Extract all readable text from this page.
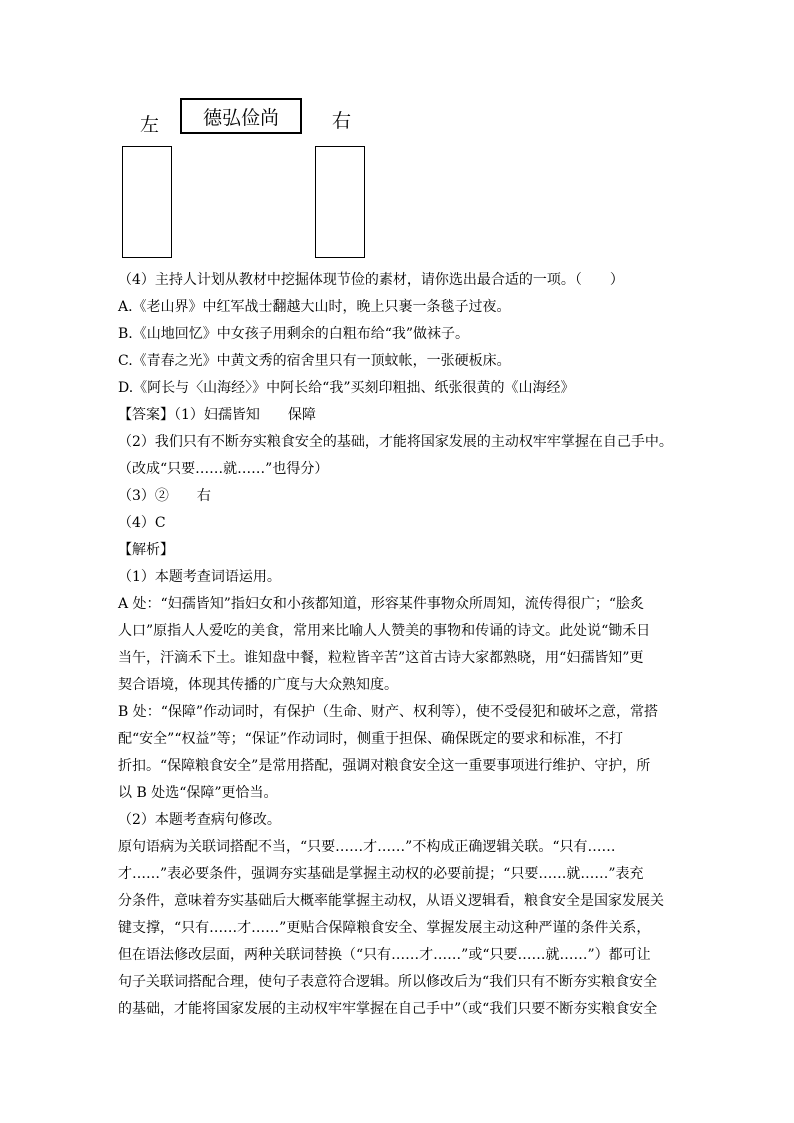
左 德弘俭尚	右
（4）主持人计划从教材中挖掘体现节俭的素材，请你选出最合适的一项。（　　）
A.《老山界》中红军战士翻越大山时，晚上只裹一条毯子过夜。
B.《山地回忆》中女孩子用剩余的白粗布给“我”做袜子。
C.《青春之光》中黄文秀的宿舍里只有一顶蚊帐，一张硬板床。
D.《阿长与〈山海经〉》中阿长给“我”买刻印粗拙、纸张很黄的《山海经》
【答案】（1）妇孺皆知　　保障
（2）我们只有不断夯实粮食安全的基础，才能将国家发展的主动权牢牢掌握在自己手中。
（改成“只要……就……”也得分）
（3）②　　右
（4）C
【解析】
（1）本题考查词语运用。
A 处：“妇孺皆知”指妇女和小孩都知道，形容某件事物众所周知，流传得很广；“脍炙
人口”原指人人爱吃的美食，常用来比喻人人赞美的事物和传诵的诗文。此处说“锄禾日
当午，汗滴禾下土。谁知盘中餐，粒粒皆辛苦”这首古诗大家都熟晓，用“妇孺皆知”更
契合语境，体现其传播的广度与大众熟知度。
B 处：“保障”作动词时，有保护（生命、财产、权利等），使不受侵犯和破坏之意，常搭
配“安全”“权益”等；“保证”作动词时，侧重于担保、确保既定的要求和标准，不打
折扣。“保障粮食安全”是常用搭配，强调对粮食安全这一重要事项进行维护、守护，所
以 B 处选“保障”更恰当。
（2）本题考查病句修改。
原句语病为关联词搭配不当，“只要……才……”不构成正确逻辑关联。“只有……
才……”表必要条件，强调夯实基础是掌握主动权的必要前提；“只要……就……”表充
分条件，意味着夯实基础后大概率能掌握主动权，从语义逻辑看，粮食安全是国家发展关
键支撑，“只有……才……”更贴合保障粮食安全、掌握发展主动这种严谨的条件关系，
但在语法修改层面，两种关联词替换（“只有……才……”或“只要……就……”）都可让
句子关联词搭配合理，使句子表意符合逻辑。所以修改后为“我们只有不断夯实粮食安全
的基础，才能将国家发展的主动权牢牢掌握在自己手中”（或“我们只要不断夯实粮食安全
